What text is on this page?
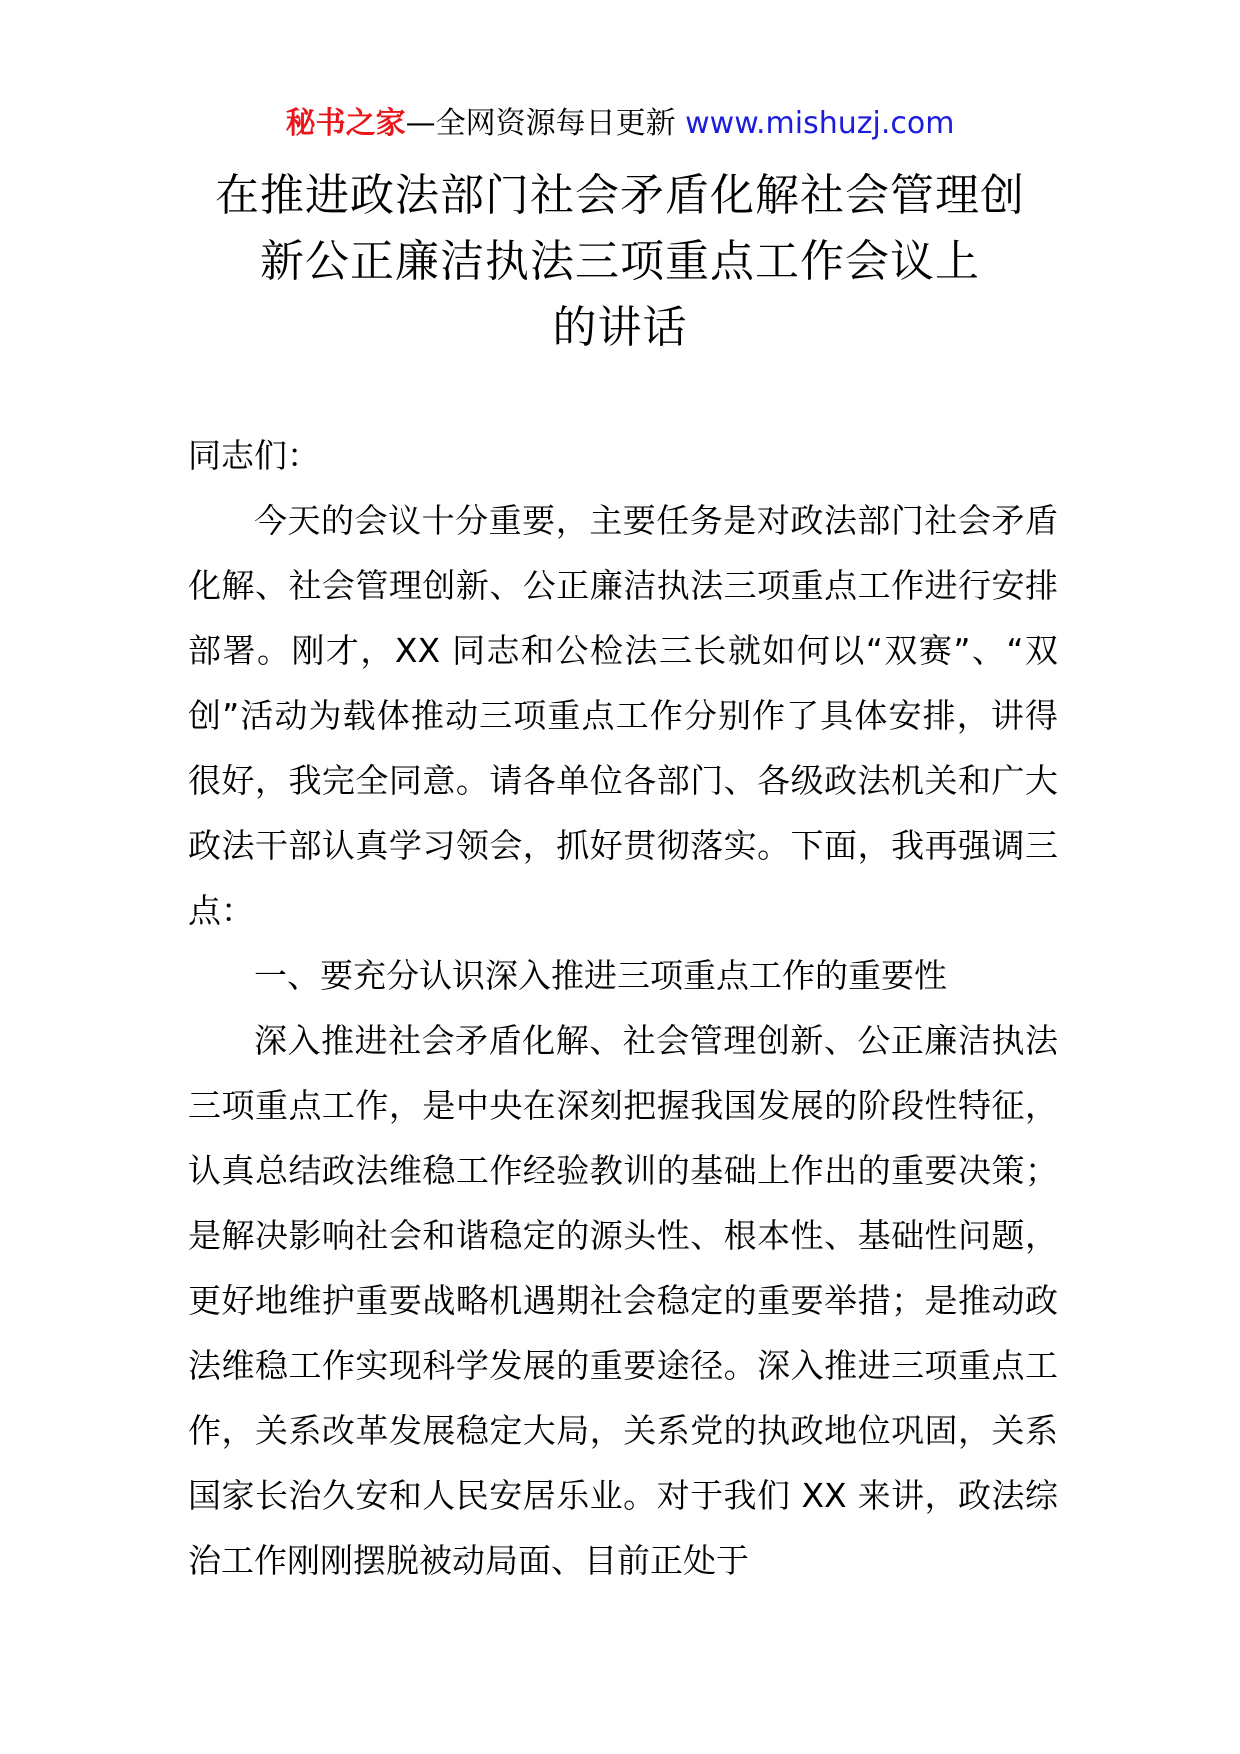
秘书之家—全网资源每日更新 www.mishuzj.com
在推进政法部门社会矛盾化解社会管理创
新公正廉洁执法三项重点工作会议上
的讲话

同志们：

今天的会议十分重要，主要任务是对政法部门社会矛盾化解、社会管理创新、公正廉洁执法三项重点工作进行安排部署。刚才，XX 同志和公检法三长就如何以“双赛”、“双创”活动为载体推动三项重点工作分别作了具体安排，讲得很好，我完全同意。请各单位各部门、各级政法机关和广大政法干部认真学习领会，抓好贯彻落实。下面，我再强调三点：

一、要充分认识深入推进三项重点工作的重要性

深入推进社会矛盾化解、社会管理创新、公正廉洁执法三项重点工作，是中央在深刻把握我国发展的阶段性特征，认真总结政法维稳工作经验教训的基础上作出的重要决策；是解决影响社会和谐稳定的源头性、根本性、基础性问题，更好地维护重要战略机遇期社会稳定的重要举措；是推动政法维稳工作实现科学发展的重要途径。深入推进三项重点工作，关系改革发展稳定大局，关系党的执政地位巩固，关系国家长治久安和人民安居乐业。对于我们 XX 来讲，政法综治工作刚刚摆脱被动局面、目前正处于
